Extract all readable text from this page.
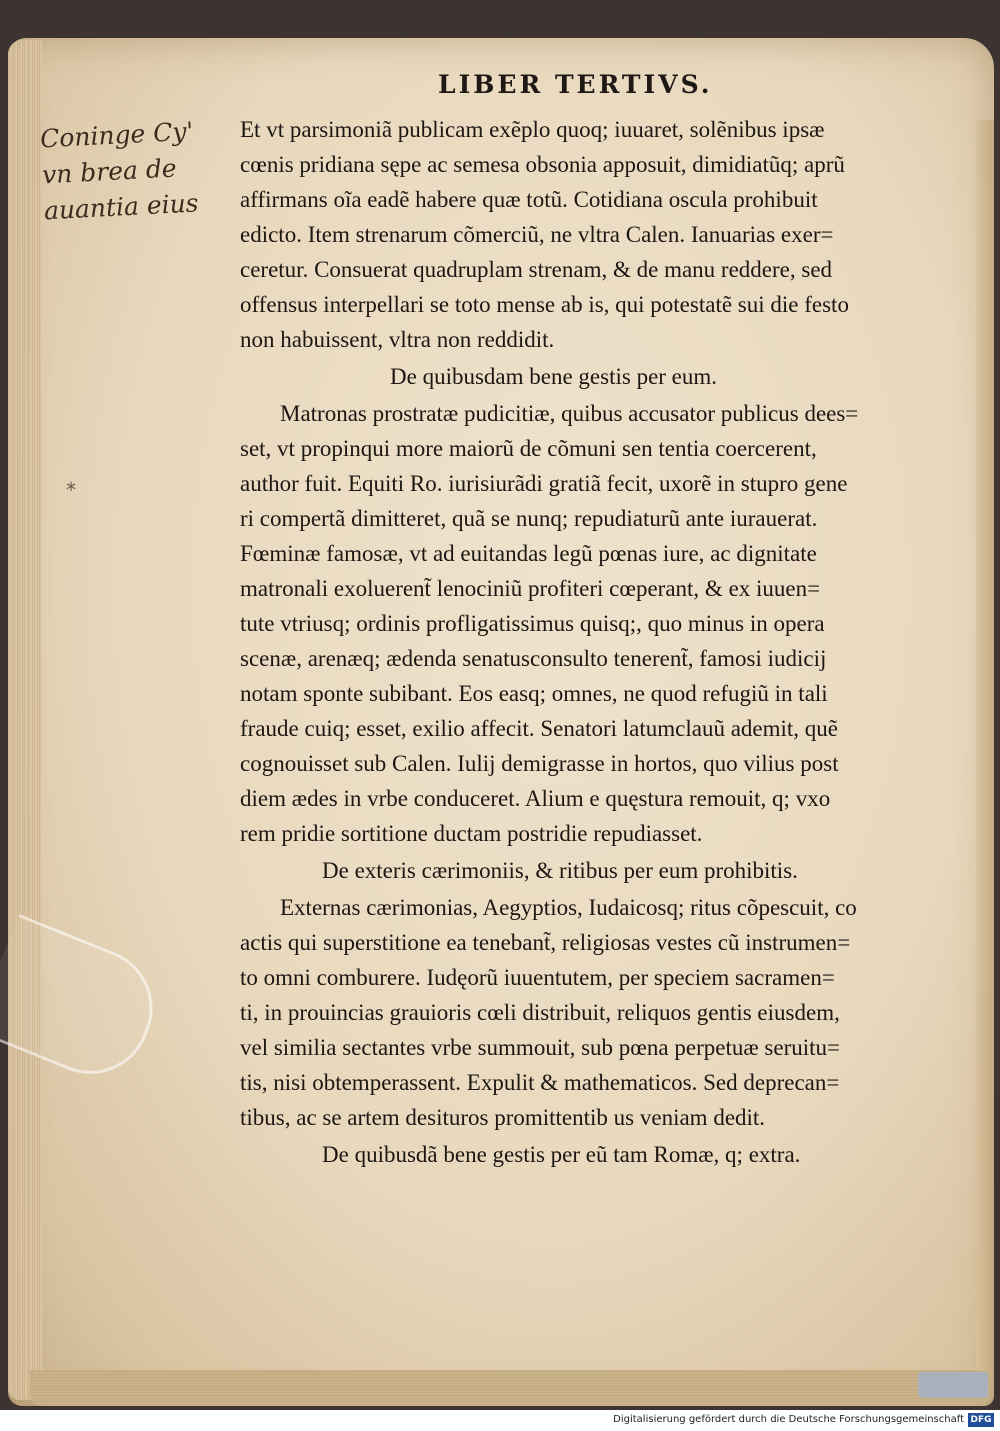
LIBER TERTIVS.
Coninge Cy'
vn brea de
auantia eius
*
Et vt parsimoniã publicam exẽplo quoq; iuuaret, solẽnibus ipsæ
cœnis pridiana sępe ac semesa obsonia apposuit, dimidiatũq; aprũ
affirmans oĩa eadẽ habere quæ totũ. Cotidiana oscula prohibuit
edicto. Item strenarum cõmerciũ, ne vltra Calen. Ianuarias exer=
ceretur. Consuerat quadruplam strenam, & de manu reddere, sed
offensus interpellari se toto mense ab is, qui potestatẽ sui die festo
non habuissent, vltra non reddidit.
De quibusdam bene gestis per eum.
Matronas prostratæ pudicitiæ, quibus accusator publicus dees=
set, vt propinqui more maiorũ de cõmuni sen tentia coercerent,
author fuit. Equiti Ro. iurisiurãdi gratiã fecit, uxorẽ in stupro gene
ri compertã dimitteret, quã se nunq; repudiaturũ ante iurauerat.
Fœminæ famosæ, vt ad euitandas legũ pœnas iure, ac dignitate
matronali exoluerent̃ lenociniũ profiteri cœperant, & ex iuuen=
tute vtriusq; ordinis profligatissimus quisq;, quo minus in opera
scenæ, arenæq; ædenda senatusconsulto tenerent̃, famosi iudicij
notam sponte subibant. Eos easq; omnes, ne quod refugiũ in tali
fraude cuiq; esset, exilio affecit. Senatori latumclauũ ademit, quẽ
cognouisset sub Calen. Iulij demigrasse in hortos, quo vilius post
diem ædes in vrbe conduceret. Alium e quęstura remouit, q; vxo
rem pridie sortitione ductam postridie repudiasset.
De exteris cærimoniis, & ritibus per eum prohibitis.
Externas cærimonias, Aegyptios, Iudaicosq; ritus cõpescuit, co
actis qui superstitione ea tenebant̃, religiosas vestes cũ instrumen=
to omni comburere. Iudęorũ iuuentutem, per speciem sacramen=
ti, in prouincias grauioris cœli distribuit, reliquos gentis eiusdem,
vel similia sectantes vrbe summouit, sub pœna perpetuæ seruitu=
tis, nisi obtemperassent. Expulit & mathematicos. Sed deprecan=
tibus, ac se artem desituros promittentib us veniam dedit.
De quibusdã bene gestis per eũ tam Romæ, q; extra.
Digitalisierung gefördert durch die Deutsche Forschungsgemeinschaft DFG
